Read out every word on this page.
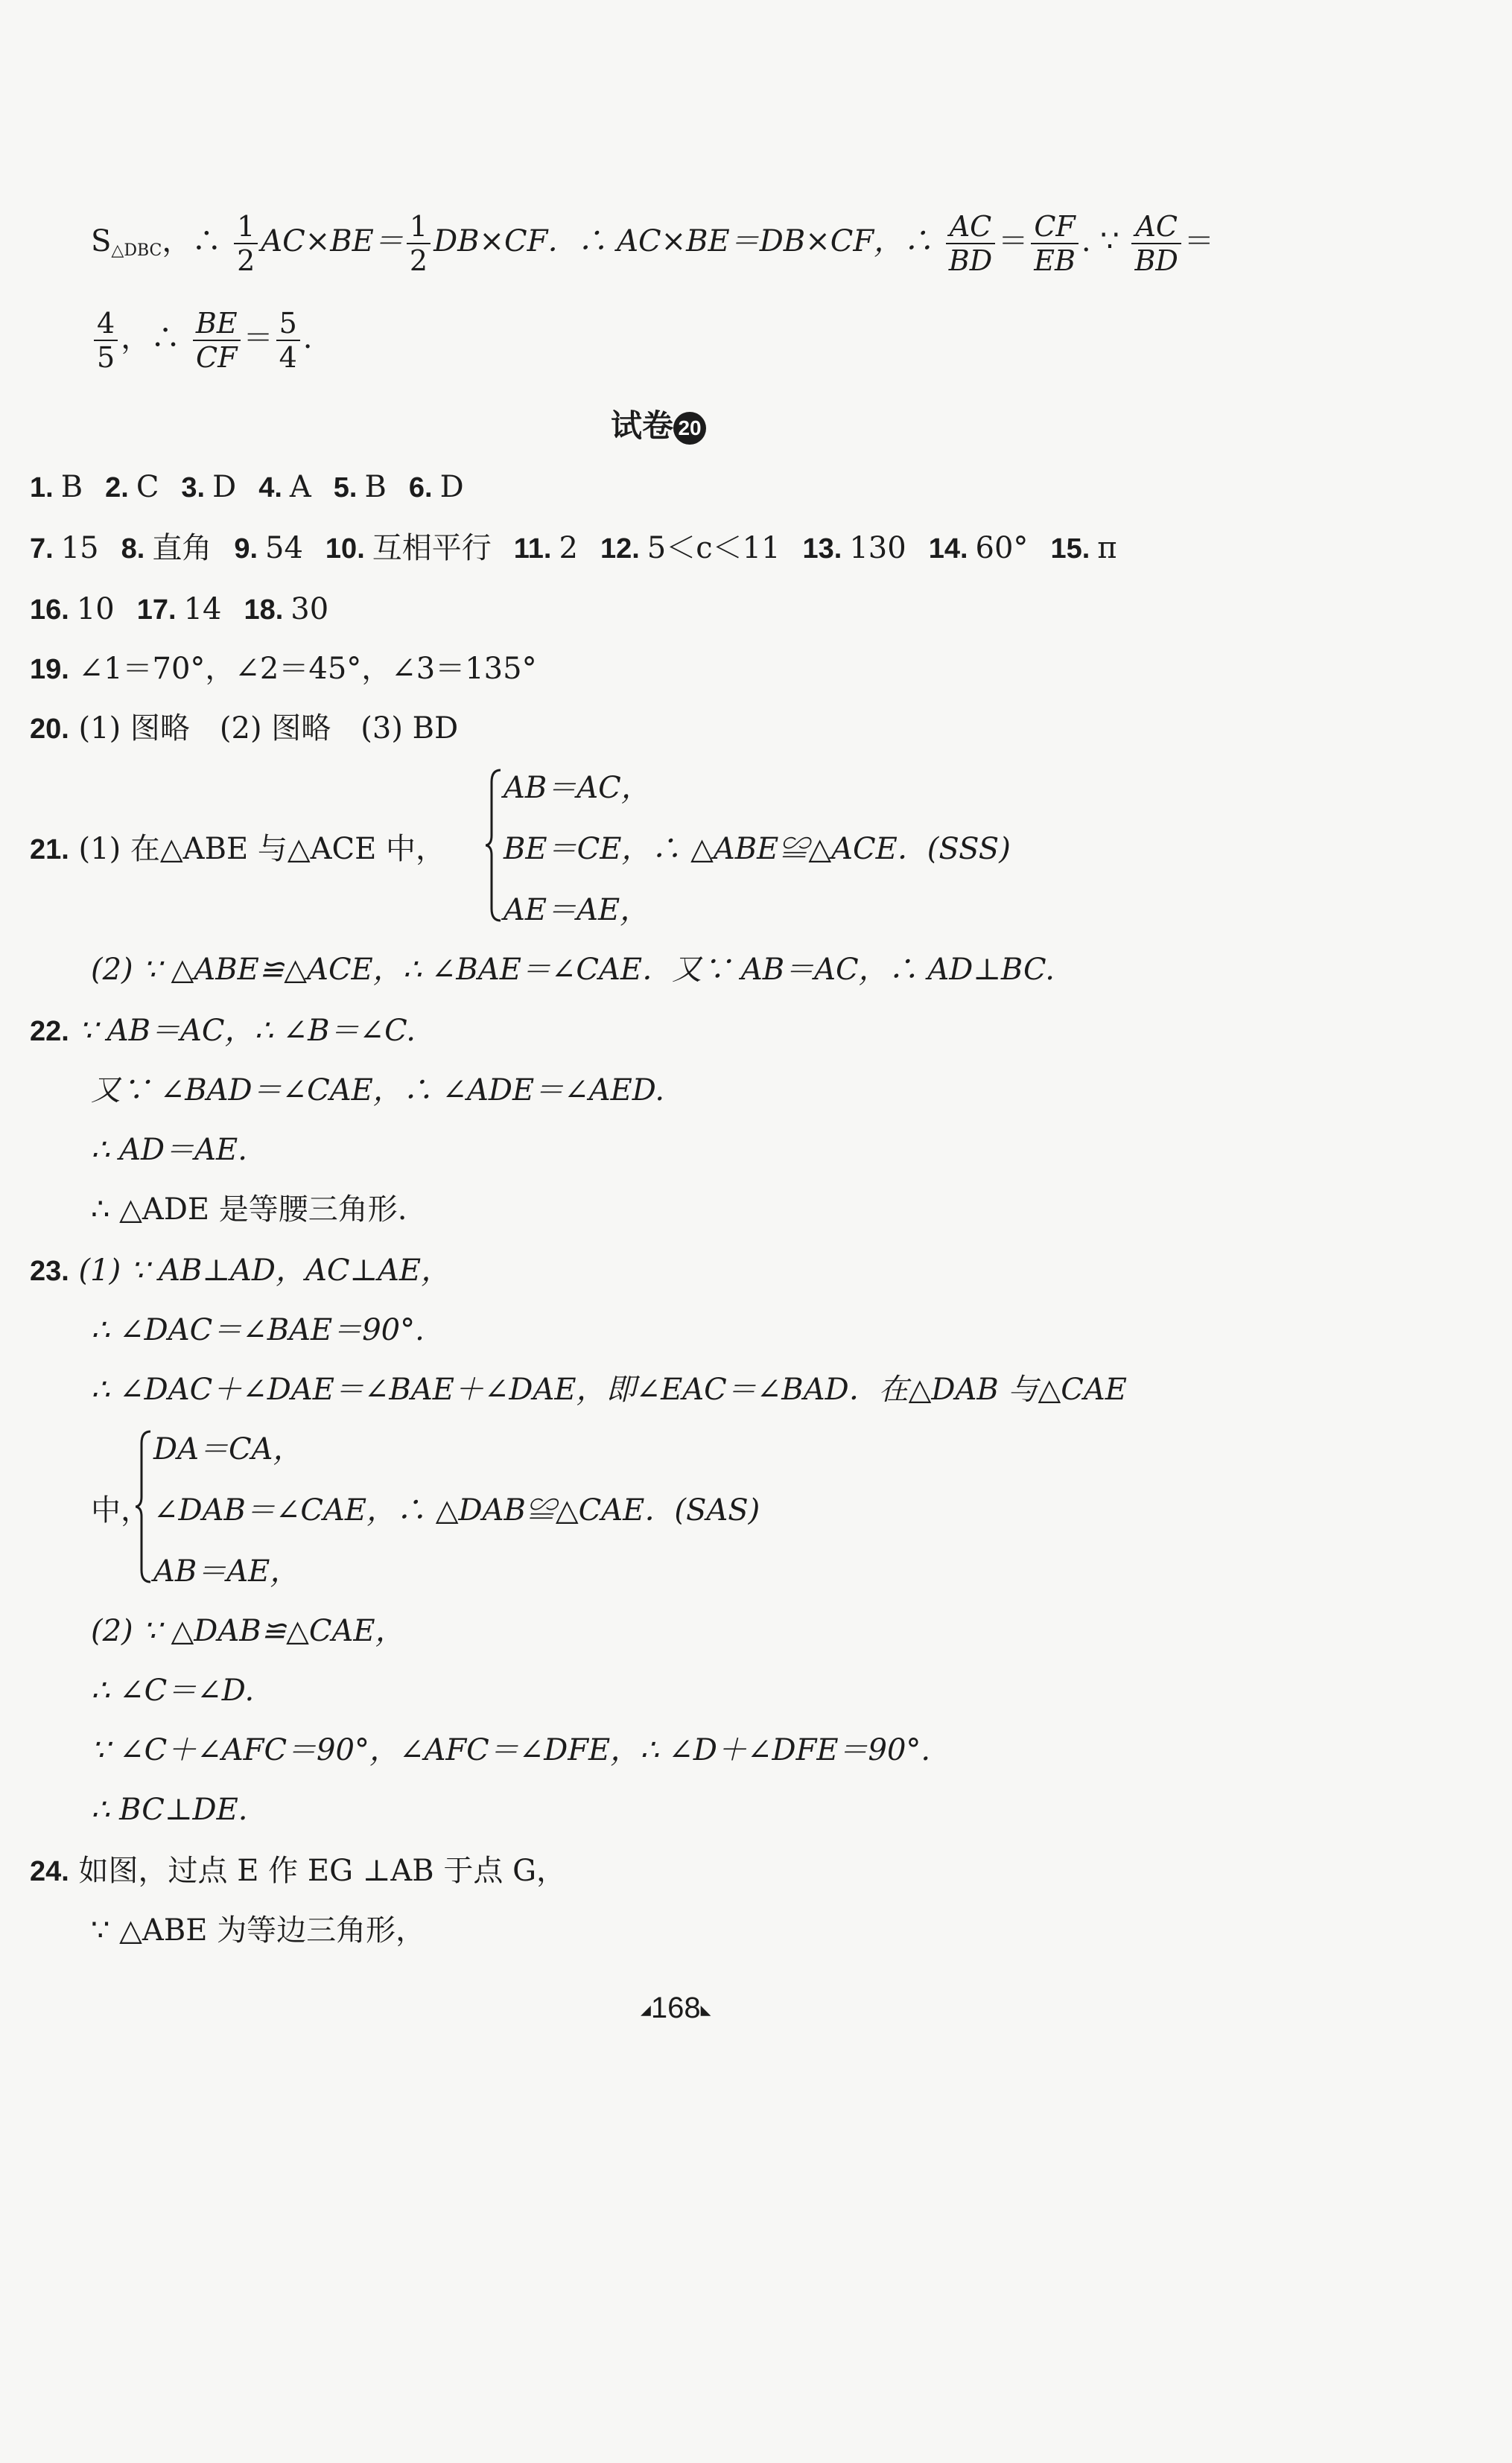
$S_{\triangle DBC}$，∴ $\frac{1}{2} AC\times BE= \frac{1}{2} DB\times CF$．∴ AC×BE＝DB×CF，∴ $\frac{AC}{BD} = \frac{CF}{EB}$ . ∵ $\frac{AC}{BD}$ ＝
$\frac{4}{5}$ ，∴ $\frac{BE}{CF} = \frac{5}{4}$ .
试卷 20
1. B 2. C 3. D 4. A 5. B 6. D
7. 15 8. 直角 9. 54 10. 互相平行 11. 2 12. 5＜c＜11 13. 130 14. 60° 15. π
16. 10 17. 14 18. 30
19. ∠1＝70°，∠2＝45°，∠3＝135°
20. (1) 图略　(2) 图略　(3) BD
21. (1) 在△ABE 与△ACE 中，
AB＝AC，
BE＝CE，∴ △ABE≌△ACE．(SSS)
AE＝AE，
(2) ∵ △ABE≌△ACE，∴ ∠BAE＝∠CAE．又∵ AB＝AC，∴ AD⊥BC.
22. ∵ AB＝AC，∴ ∠B＝∠C.
又∵ ∠BAD＝∠CAE，∴ ∠ADE＝∠AED.
∴ AD＝AE.
∴ △ADE 是等腰三角形.
23. (1) ∵ AB⊥AD，AC⊥AE，
∴ ∠DAC＝∠BAE＝90°.
∴ ∠DAC＋∠DAE＝∠BAE＋∠DAE，即∠EAC＝∠BAD．在△DAB 与△CAE
中，
DA＝CA，
∠DAB＝∠CAE，∴ △DAB≌△CAE．(SAS)
AB＝AE，
(2) ∵ △DAB≌△CAE，
∴ ∠C＝∠D.
∵ ∠C＋∠AFC＝90°，∠AFC＝∠DFE，∴ ∠D＋∠DFE＝90°.
∴ BC⊥DE.
24. 如图，过点 E 作 EG ⊥AB 于点 G，
∵ △ABE 为等边三角形，
◢168◣
